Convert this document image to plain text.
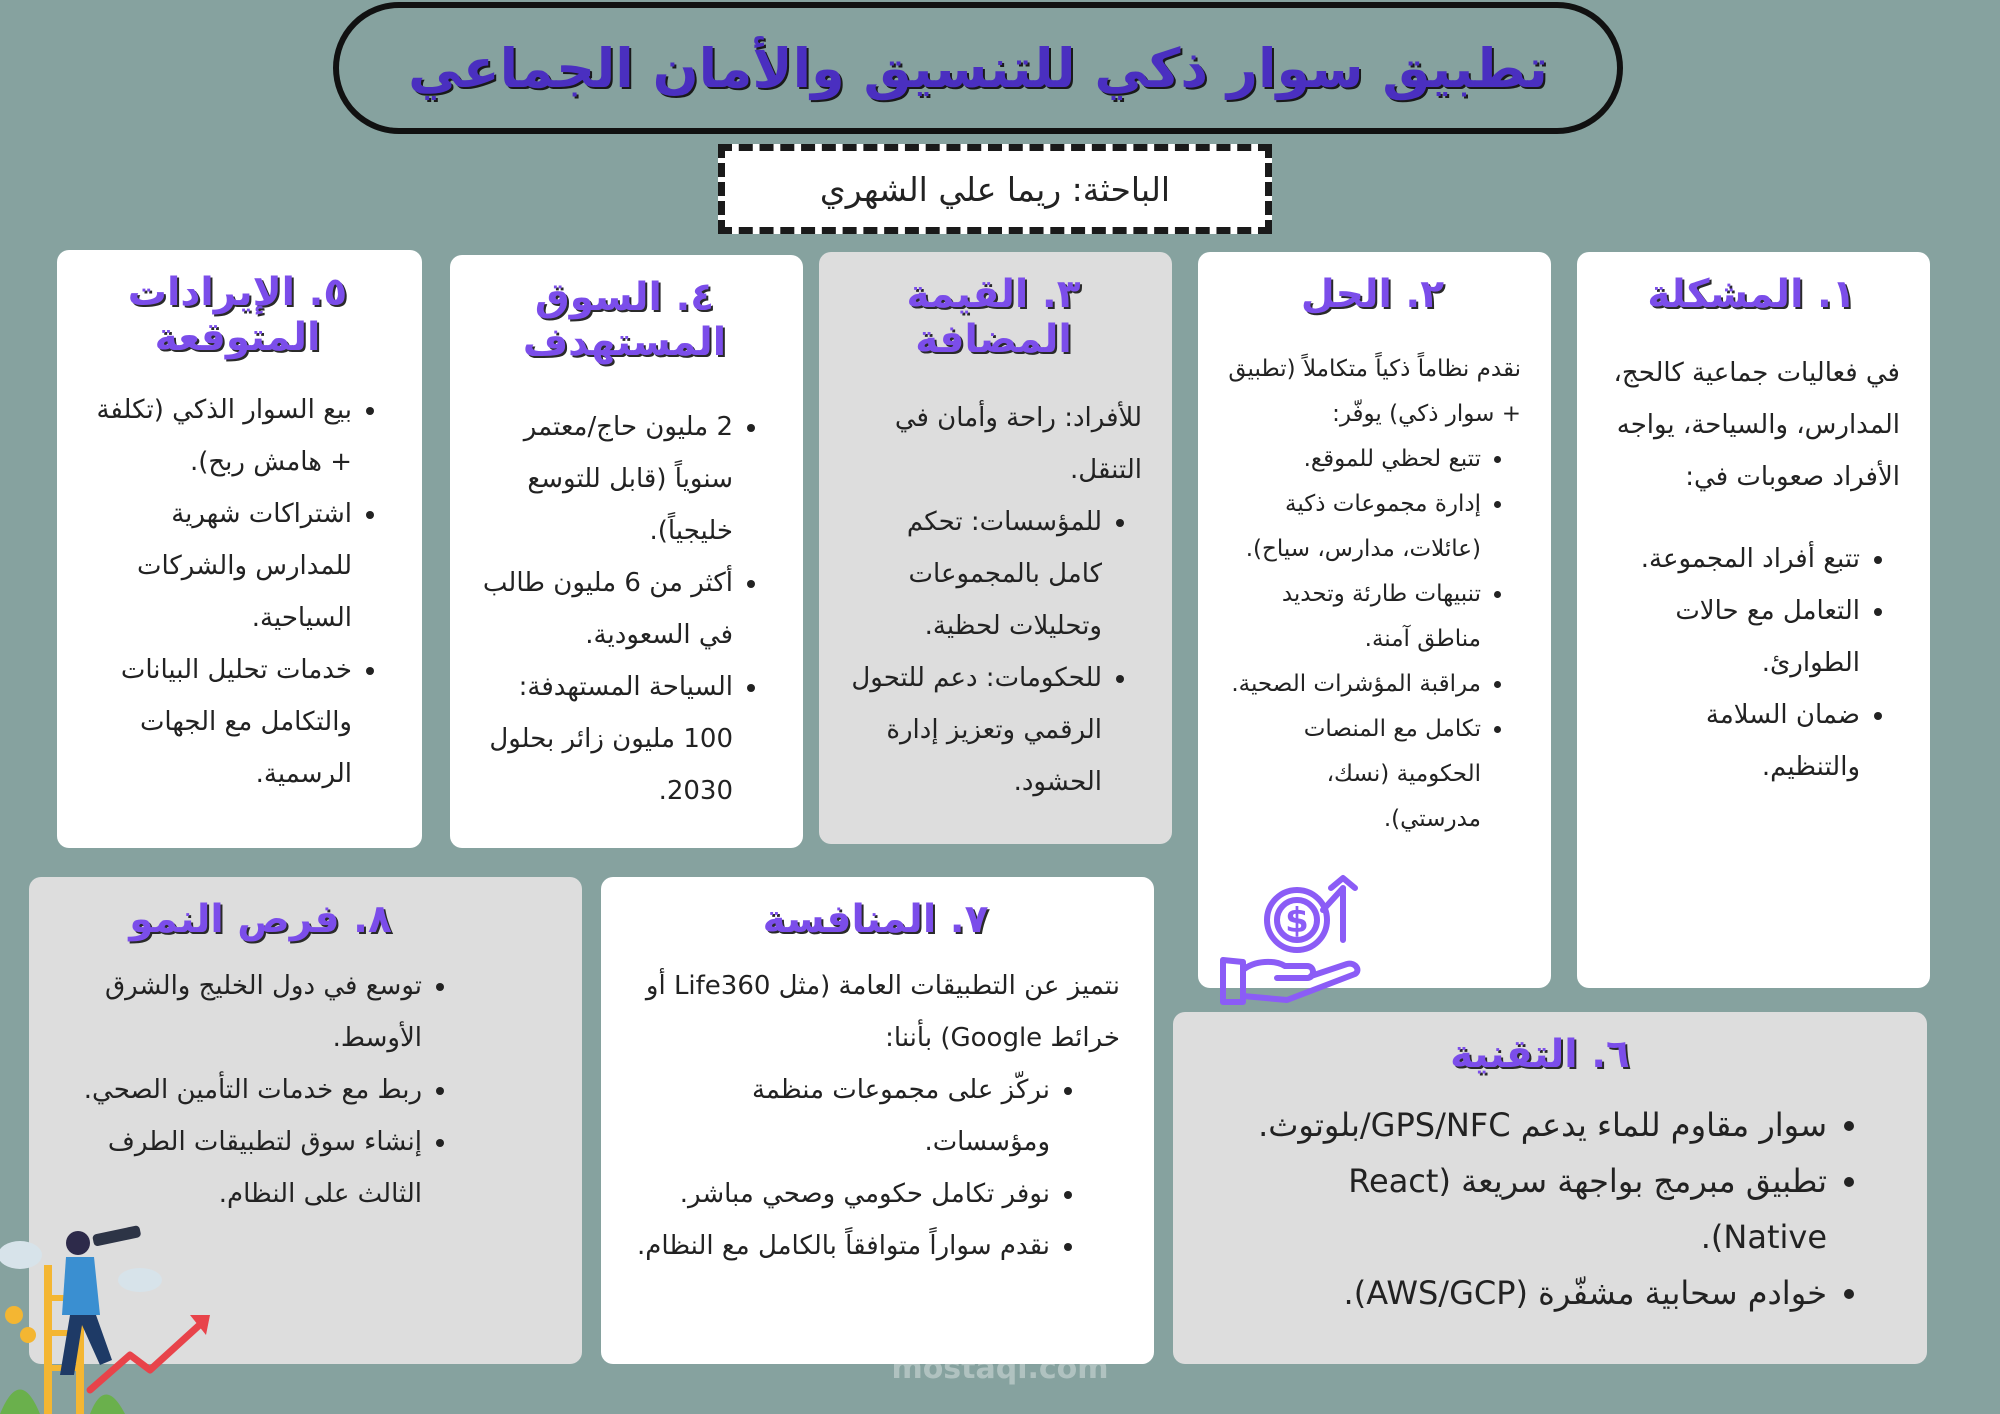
تطبيق سوار ذكي للتنسيق والأمان الجماعي
الباحثة: ريما علي الشهري
١. المشكلة

في فعاليات جماعية كالحج، المدارس، والسياحة، يواجه الأفراد صعوبات في:

• تتبع أفراد المجموعة.
• التعامل مع حالات الطوارئ.
• ضمان السلامة والتنظيم.
٢. الحل

نقدم نظاماً ذكياً متكاملاً (تطبيق + سوار ذكي) يوفّر:

• تتبع لحظي للموقع.
• إدارة مجموعات ذكية (عائلات، مدارس، سياح).
• تنبيهات طارئة وتحديد مناطق آمنة.
• مراقبة المؤشرات الصحية.
• تكامل مع المنصات الحكومية (نسك، مدرستي).
$
٣. القيمة المضافة

للأفراد: راحة وأمان في التنقل.

• للمؤسسات: تحكم كامل بالمجموعات وتحليلات لحظية.
• للحكومات: دعم للتحول الرقمي وتعزيز إدارة الحشود.
٤. السوق المستهدف
• 2 مليون حاج/معتمر سنوياً (قابل للتوسع خليجياً).
• أكثر من 6 مليون طالب في السعودية.
• السياحة المستهدفة: 100 مليون زائر بحلول 2030.
٥. الإيرادات المتوقعة
• بيع السوار الذكي (تكلفة + هامش ربح).
• اشتراكات شهرية للمدارس والشركات السياحية.
• خدمات تحليل البيانات والتكامل مع الجهات الرسمية.
٦. التقنية
• سوار مقاوم للماء يدعم GPS/NFC/بلوتوث.
• تطبيق مبرمج بواجهة سريعة (React Native).
• خوادم سحابية مشفّرة (AWS/GCP).
٧. المنافسة

نتميز عن التطبيقات العامة (مثل Life360 أو خرائط Google) بأننا:

• نركّز على مجموعات منظمة ومؤسسات.
• نوفر تكامل حكومي وصحي مباشر.
• نقدم سواراً متوافقاً بالكامل مع النظام.
٨. فرص النمو
• توسع في دول الخليج والشرق الأوسط.
• ربط مع خدمات التأمين الصحي.
• إنشاء سوق لتطبيقات الطرف الثالث على النظام.
مستقل
mostaql.com
